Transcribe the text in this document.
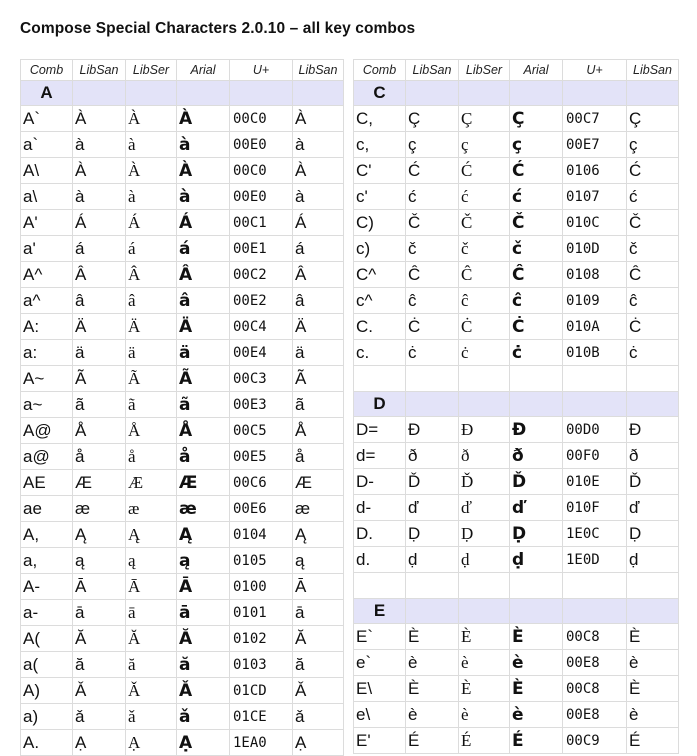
Compose Special Characters 2.0.10 – all key combos
Comb	LibSan	LibSer	Arial	U+	LibSan
A					
A`	À	À	À	00C0	À
a`	à	à	à	00E0	à
A\	À	À	À	00C0	À
a\	à	à	à	00E0	à
A'	Á	Á	Á	00C1	Á
a'	á	á	á	00E1	á
A^	Â	Â	Â	00C2	Â
a^	â	â	â	00E2	â
A:	Ä	Ä	Ä	00C4	Ä
a:	ä	ä	ä	00E4	ä
A~	Ã	Ã	Ã	00C3	Ã
a~	ã	ã	ã	00E3	ã
A@	Å	Å	Å	00C5	Å
a@	å	å	å	00E5	å
AE	Æ	Æ	Æ	00C6	Æ
ae	æ	æ	æ	00E6	æ
A,	Ą	Ą	Ą	0104	Ą
a,	ą	ą	ą	0105	ą
A-	Ā	Ā	Ā	0100	Ā
a-	ā	ā	ā	0101	ā
A(	Ă	Ă	Ă	0102	Ă
a(	ă	ă	ă	0103	ă
A)	Ǎ	Ǎ	Ǎ	01CD	Ǎ
a)	ǎ	ǎ	ǎ	01CE	ǎ
A.	Ạ	Ạ	Ạ	1EA0	Ạ
Comb	LibSan	LibSer	Arial	U+	LibSan
C					
C,	Ç	Ç	Ç	00C7	Ç
c,	ç	ç	ç	00E7	ç
C'	Ć	Ć	Ć	0106	Ć
c'	ć	ć	ć	0107	ć
C)	Č	Č	Č	010C	Č
c)	č	č	č	010D	č
C^	Ĉ	Ĉ	Ĉ	0108	Ĉ
c^	ĉ	ĉ	ĉ	0109	ĉ
C.	Ċ	Ċ	Ċ	010A	Ċ
c.	ċ	ċ	ċ	010B	ċ

D					
D=	Đ	Đ	Đ	00D0	Đ
d=	ð	ð	ð	00F0	ð
D-	Ď	Ď	Ď	010E	Ď
d-	ď	ď	ď	010F	ď
D.	Ḍ	Ḍ	Ḍ	1E0C	Ḍ
d.	ḍ	ḍ	ḍ	1E0D	ḍ

E					
E`	È	È	È	00C8	È
e`	è	è	è	00E8	è
E\	È	È	È	00C8	È
e\	è	è	è	00E8	è
E'	É	É	É	00C9	É
